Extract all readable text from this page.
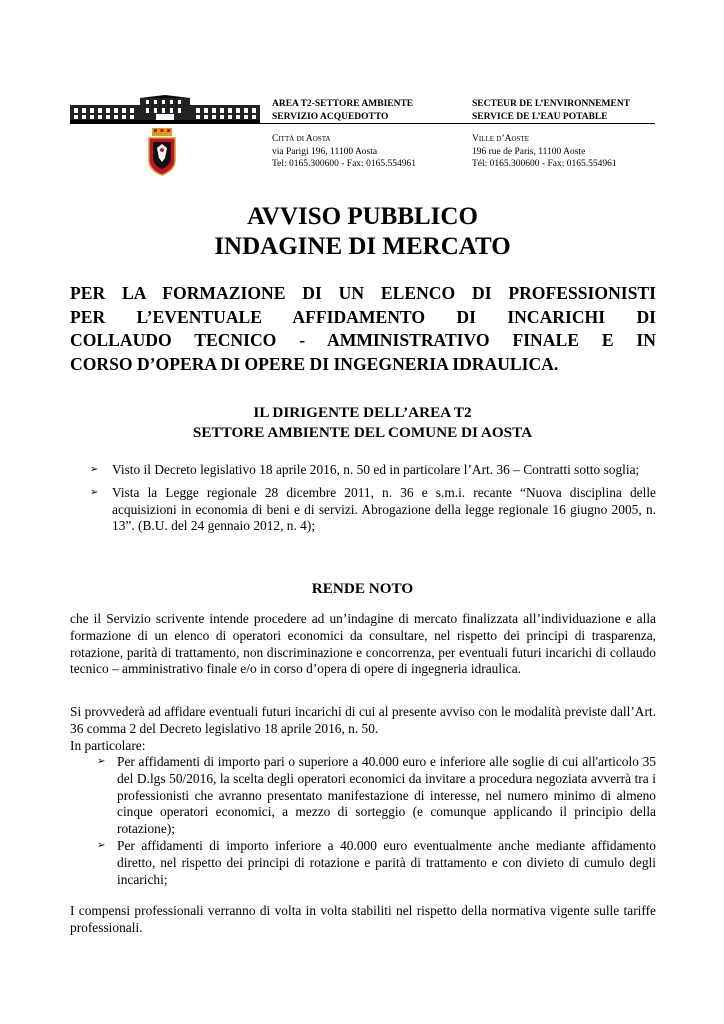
AREA T2-SETTORE AMBIENTE
SERVIZIO ACQUEDOTTO
SECTEUR DE L’ENVIRONNEMENT
SERVICE DE L’EAU POTABLE
Città di Aosta
via Parigi 196, 11100 Aosta
Tel: 0165.300600 - Fax: 0165.554961
Ville d’Aoste
196 rue de Paris, 11100 Aoste
Tél: 0165.300600 - Fax: 0165.554961
AVVISO PUBBLICO
INDAGINE DI MERCATO
PER LA FORMAZIONE DI UN ELENCO DI PROFESSIONISTI
PER L’EVENTUALE AFFIDAMENTO DI INCARICHI DI
COLLAUDO TECNICO - AMMINISTRATIVO FINALE E IN
CORSO D’OPERA DI OPERE DI INGEGNERIA IDRAULICA.
IL DIRIGENTE DELL’AREA T2
SETTORE AMBIENTE DEL COMUNE DI AOSTA
➢ Visto il Decreto legislativo 18 aprile 2016, n. 50 ed in particolare l’Art. 36 – Contratti sotto soglia;
➢ Vista la Legge regionale 28 dicembre 2011, n. 36 e s.m.i. recante “Nuova disciplina delle acquisizioni in economia di beni e di servizi. Abrogazione della legge regionale 16 giugno 2005, n. 13”. (B.U. del 24 gennaio 2012, n. 4);
RENDE NOTO

che il Servizio scrivente intende procedere ad un’indagine di mercato finalizzata all’individuazione e alla formazione di un elenco di operatori economici da consultare, nel rispetto dei principi di trasparenza, rotazione, parità di trattamento, non discriminazione e concorrenza, per eventuali futuri incarichi di collaudo tecnico – amministrativo finale e/o in corso d’opera di opere di ingegneria idraulica.

Si provvederà ad affidare eventuali futuri incarichi di cui al presente avviso con le modalità previste dall’Art. 36 comma 2 del Decreto legislativo 18 aprile 2016, n. 50.

In particolare:

➢ Per affidamenti di importo pari o superiore a 40.000 euro e inferiore alle soglie di cui all'articolo 35 del D.lgs 50/2016, la scelta degli operatori economici da invitare a procedura negoziata avverrà tra i professionisti che avranno presentato manifestazione di interesse, nel numero minimo di almeno cinque operatori economici, a mezzo di sorteggio (e comunque applicando il principio della rotazione);
➢ Per affidamenti di importo inferiore a 40.000 euro eventualmente anche mediante affidamento diretto, nel rispetto dei principi di rotazione e parità di trattamento e con divieto di cumulo degli incarichi;

I compensi professionali verranno di volta in volta stabiliti nel rispetto della normativa vigente sulle tariffe professionali.
